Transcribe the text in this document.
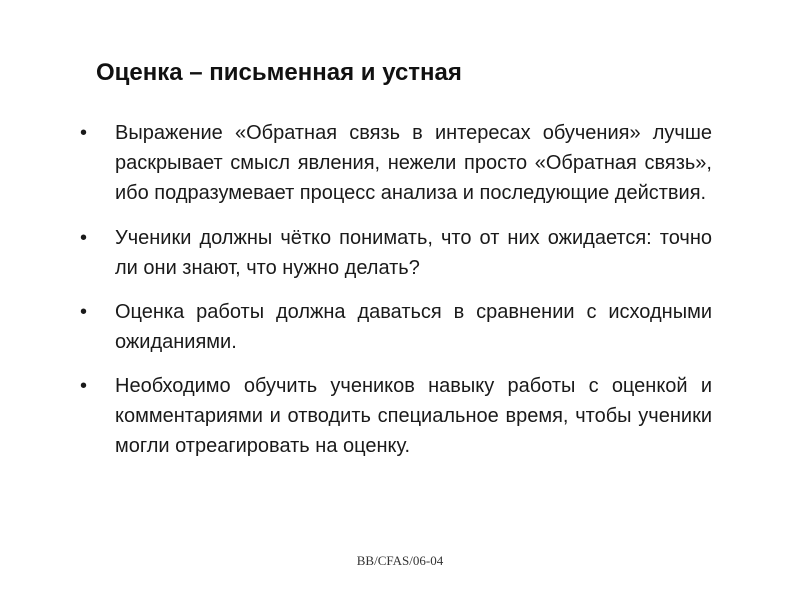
Оценка – письменная и устная
•	Выражение «Обратная связь в интересах обучения» лучше раскрывает смысл явления, нежели просто «Обратная связь», ибо подразумевает процесс анализа и последующие действия.
•	Ученики должны чётко понимать, что от них ожидается: точно ли они знают, что нужно делать?
•	Оценка работы должна даваться в сравнении с исходными ожиданиями.
•	Необходимо обучить учеников навыку работы с оценкой и комментариями и отводить специальное время, чтобы ученики могли отреагировать на оценку.
BB/CFAS/06-04
